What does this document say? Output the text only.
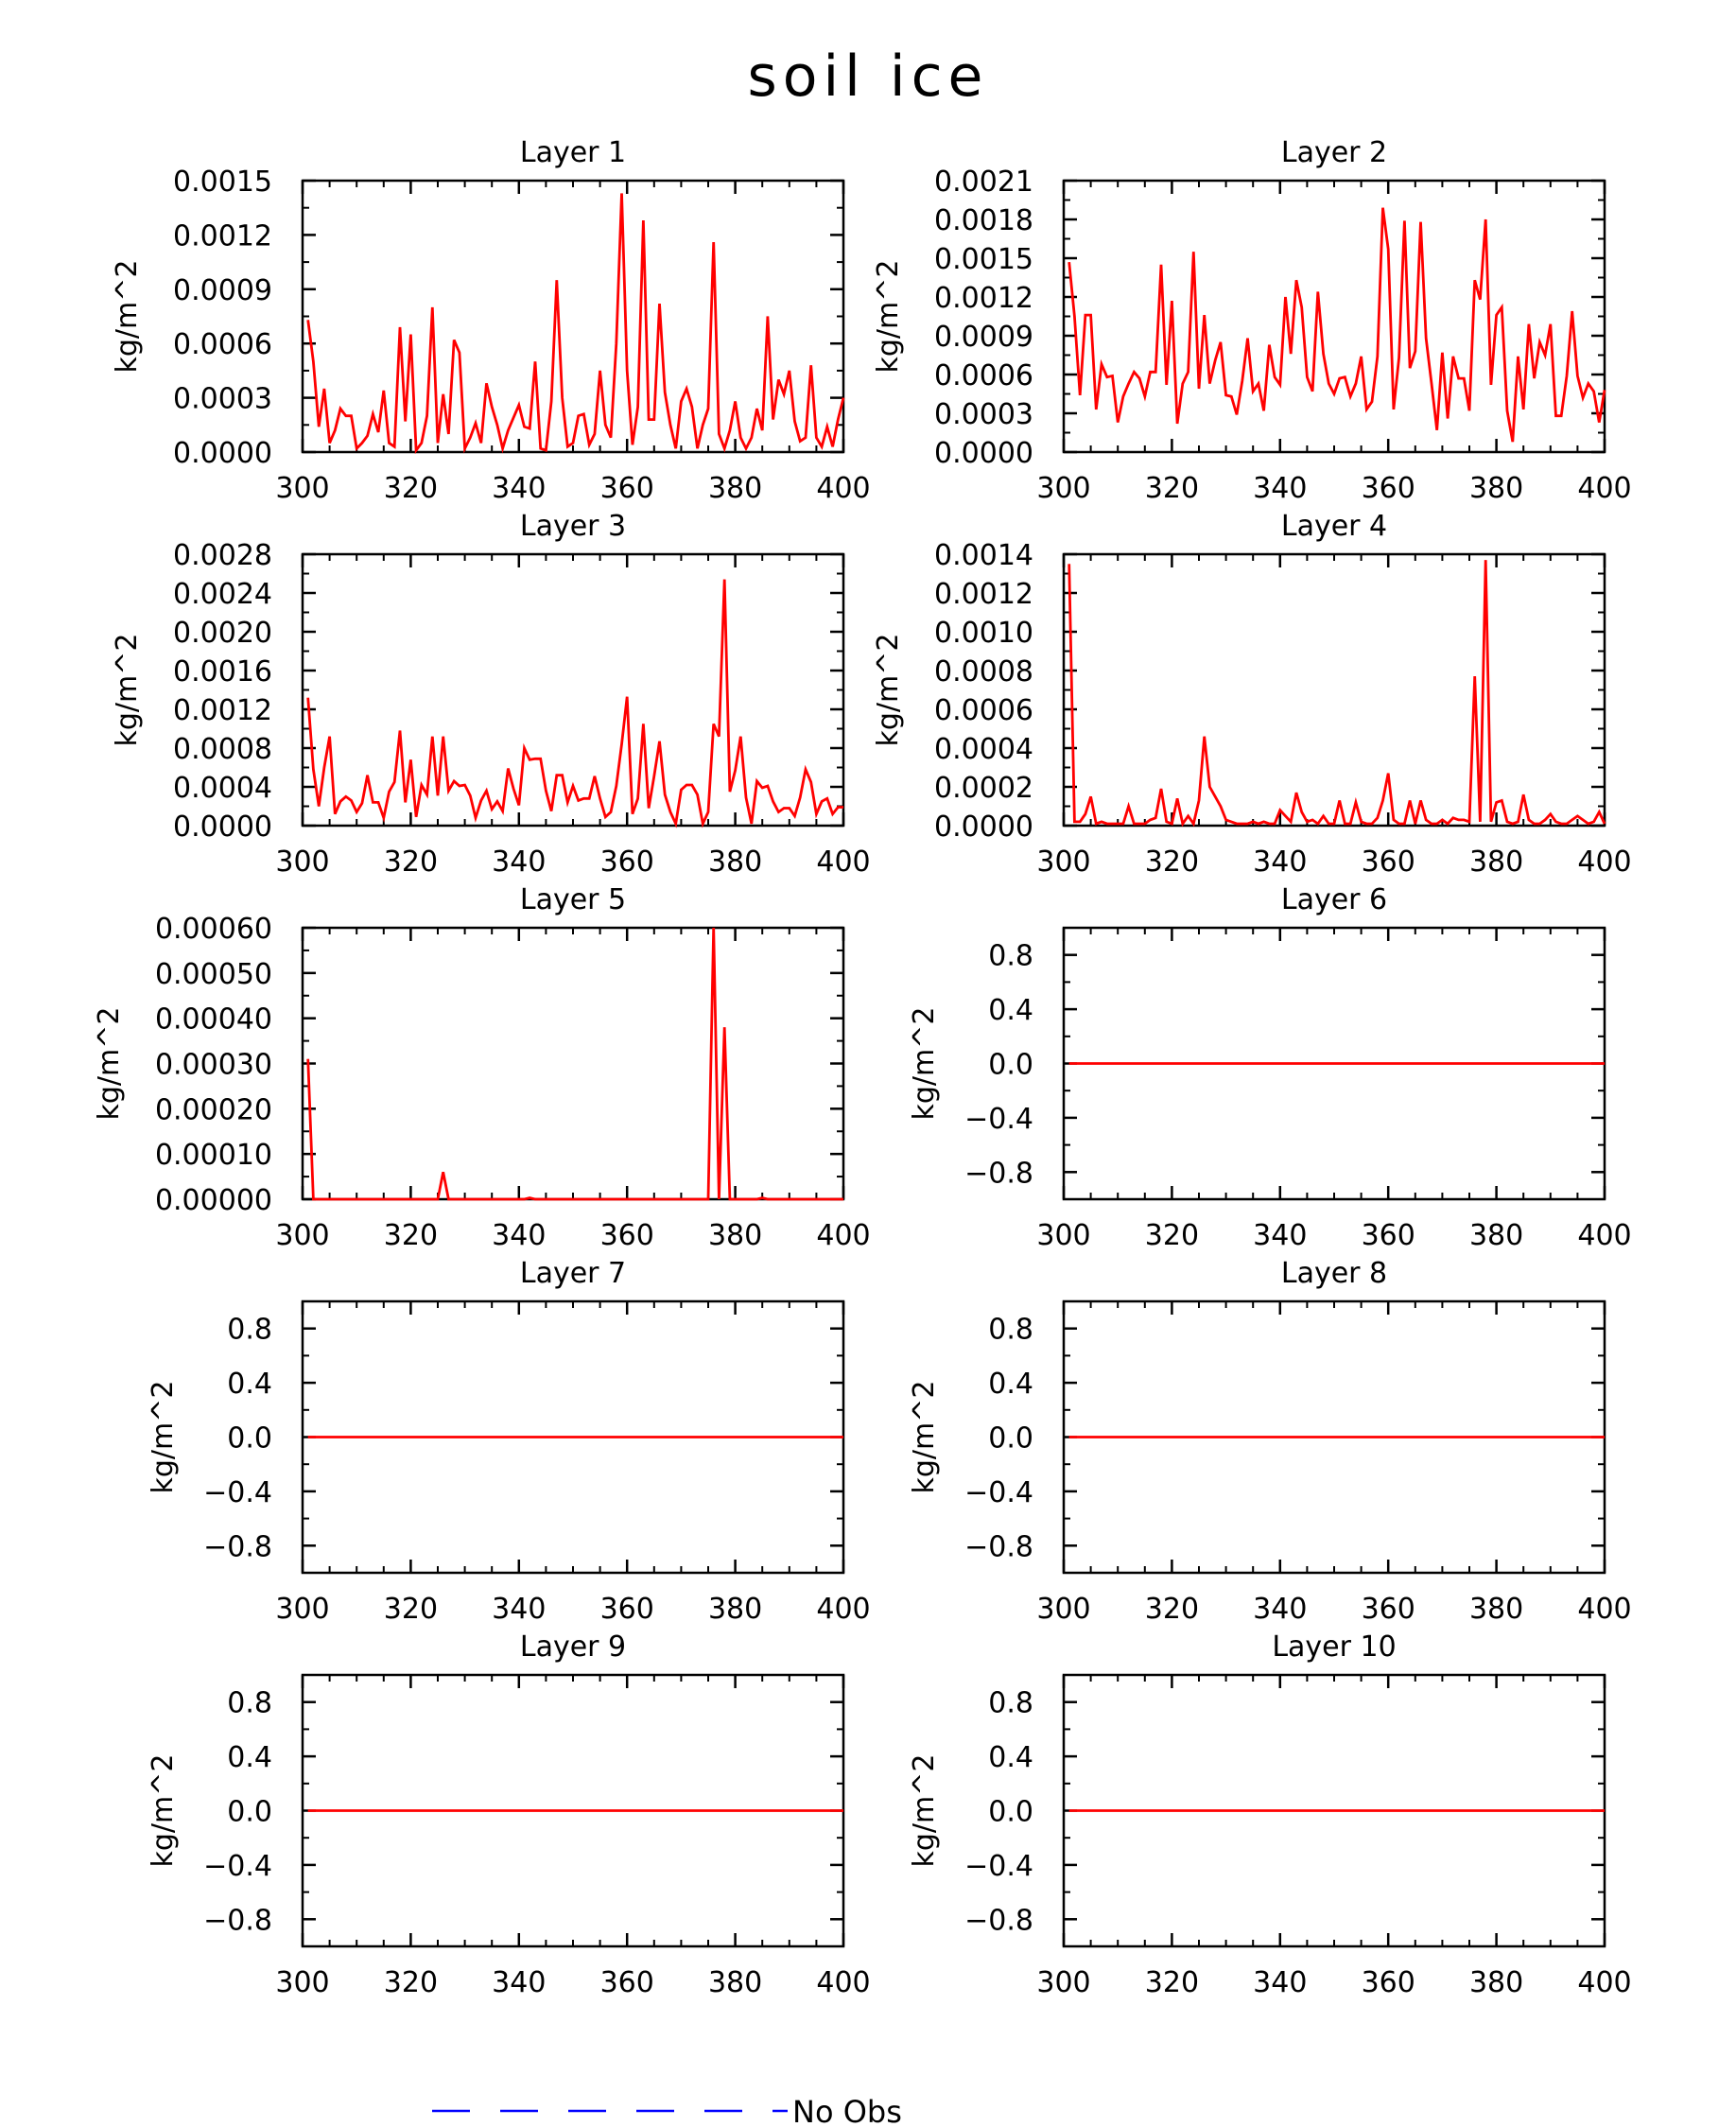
soil ice
Layer 1
300 320 340 360 380 400
0.0000
0.0003
0.0006
0.0009
0.0012
0.0015
kg/m^2
Layer 2
300 320 340 360 380 400
0.0000
0.0003
0.0006
0.0009
0.0012
0.0015
0.0018
0.0021
kg/m^2
Layer 3
300 320 340 360 380 400
0.0000
0.0004
0.0008
0.0012
0.0016
0.0020
0.0024
0.0028
kg/m^2
Layer 4
300 320 340 360 380 400
0.0000
0.0002
0.0004
0.0006
0.0008
0.0010
0.0012
0.0014
kg/m^2
Layer 5
300 320 340 360 380 400
0.00000
0.00010
0.00020
0.00030
0.00040
0.00050
0.00060
kg/m^2
Layer 6
300 320 340 360 380 400
−0.8
−0.4
0.0
0.4
0.8
kg/m^2
Layer 7
300 320 340 360 380 400
−0.8
−0.4
0.0
0.4
0.8
kg/m^2
Layer 8
300 320 340 360 380 400
−0.8
−0.4
0.0
0.4
0.8
kg/m^2
Layer 9
300 320 340 360 380 400
−0.8
−0.4
0.0
0.4
0.8
kg/m^2
Layer 10
300 320 340 360 380 400
−0.8
−0.4
0.0
0.4
0.8
kg/m^2
No Obs
